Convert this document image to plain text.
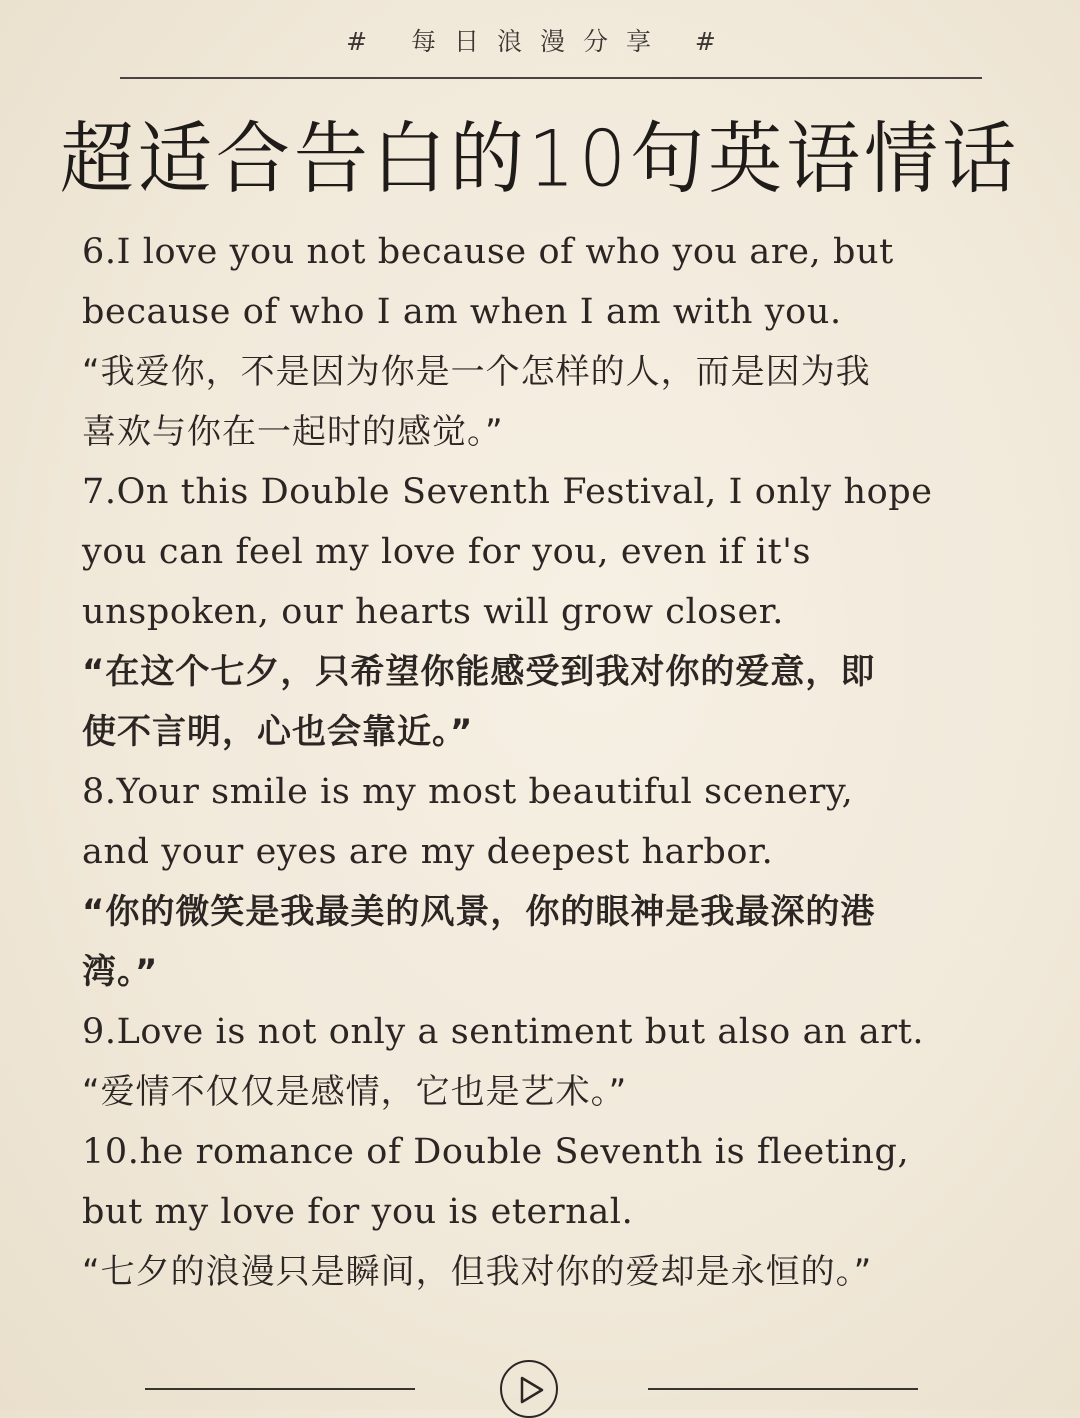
# 每日浪漫分享 #
超适合告白的10句英语情话
6.I love you not because of who you are, but
because of who I am when I am with you.
“我爱你，不是因为你是一个怎样的人，而是因为我
喜欢与你在一起时的感觉。”
7.On this Double Seventh Festival, I only hope
you can feel my love for you, even if it's
unspoken, our hearts will grow closer.
“在这个七夕，只希望你能感受到我对你的爱意，即
使不言明，心也会靠近。”
8.Your smile is my most beautiful scenery,
and your eyes are my deepest harbor.
“你的微笑是我最美的风景，你的眼神是我最深的港
湾。”
9.Love is not only a sentiment but also an art.
“爱情不仅仅是感情，它也是艺术。”
10.he romance of Double Seventh is fleeting,
but my love for you is eternal.
“七夕的浪漫只是瞬间，但我对你的爱却是永恒的。”
